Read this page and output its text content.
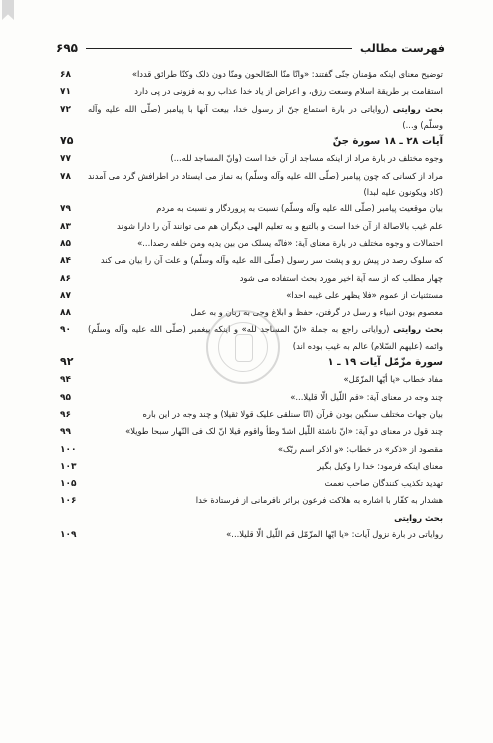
فهرست مطالب
۶۹۵
توضیح معنای اینکه مؤمنان جنّی گفتند: «وانّا منّا الصّالحون ومنّا دون ذلک وکنّا طرائق قددا»
۶۸
استقامت بر طریقة اسلام وسعت رزق، و اعراض از یاد خدا عذاب رو به فزونی در پی دارد
۷۱
بحث روایتی (روایاتی در بارة استماع جنّ از رسول خدا، بیعت آنها با پیامبر (صلّی الله علیه وآله وسلّم) و...)
۷۲
آیات ۲۸ ـ ۱۸ سورة جنّ
۷۵
وجوه مختلف در بارة مراد از اینکه مساجد از آن خدا است (وانّ المساجد لله...)
۷۷
مراد از کسانی که چون پیامبر (صلّی الله علیه وآله وسلّم) به نماز می ایستاد در اطرافش گرد می آمدند (کاد ویکونون علیه لبدا)
۷۸
بیان موقعیت پیامبر (صلّی الله علیه وآله وسلّم) نسبت به پروردگار و نسبت به مردم
۷۹
علم غیب بالاصالة از آن خدا است و بالتبع و به تعلیم الهی دیگران هم می توانند آن را دارا شوند
۸۳
احتمالات و وجوه مختلف در بارة معنای آیة: «فانّه یسلک من بین یدیه ومن خلفه رصدا...»
۸۵
که سلوک رصد در پیش رو و پشت سر رسول (صلّی الله علیه وآله وسلّم) و علت آن را بیان می کند
۸۴
چهار مطلب که از سه آیة اخیر مورد بحث استفاده می شود
۸۶
مستثنیات از عموم «فلا یظهر علی غیبه احدا»
۸۷
معصوم بودن انبیاء و رسل در گرفتن، حفظ و ابلاغ وحی به زبان و به عمل
۸۸
بحث روایتی (روایاتی راجع به جملة «انّ المساجد لله» و اینکه پیغمبر (صلّی الله علیه وآله وسلّم) وائمه (علیهم السّلام) عالم به غیب بوده اند)
۹۰
سورة مزّمّل آیات ۱۹ ـ ۱
۹۲
مفاد خطاب «یا أیّها المزّمّل»
۹۴
چند وجه در معنای آیة: «قم اللّیل الّا قلیلا...»
۹۵
بیان جهات مختلف سنگین بودن قرآن (انّا سنلقی علیک قولا ثقیلا) و چند وجه در این باره
۹۶
چند قول در معنای دو آیة: «انّ ناشئة اللّیل اشدّ وطأ واقوم قیلا انّ لک فی النّهار سبحا طویلا»
۹۹
مقصود از «ذکر» در خطاب: «و اذکر اسم ربّک»
۱۰۰
معنای اینکه فرمود: خدا را وکیل بگیر
۱۰۳
تهدید تکذیب کنندگان صاحب نعمت
۱۰۵
هشدار به کفّار با اشاره به هلاکت فرعون براثر نافرمانی از فرستادة خدا
۱۰۶
بحث روایتی
روایاتی در بارة نزول آیات: «یا ایّها المزّمّل قم اللّیل الّا قلیلا...»
۱۰۹
